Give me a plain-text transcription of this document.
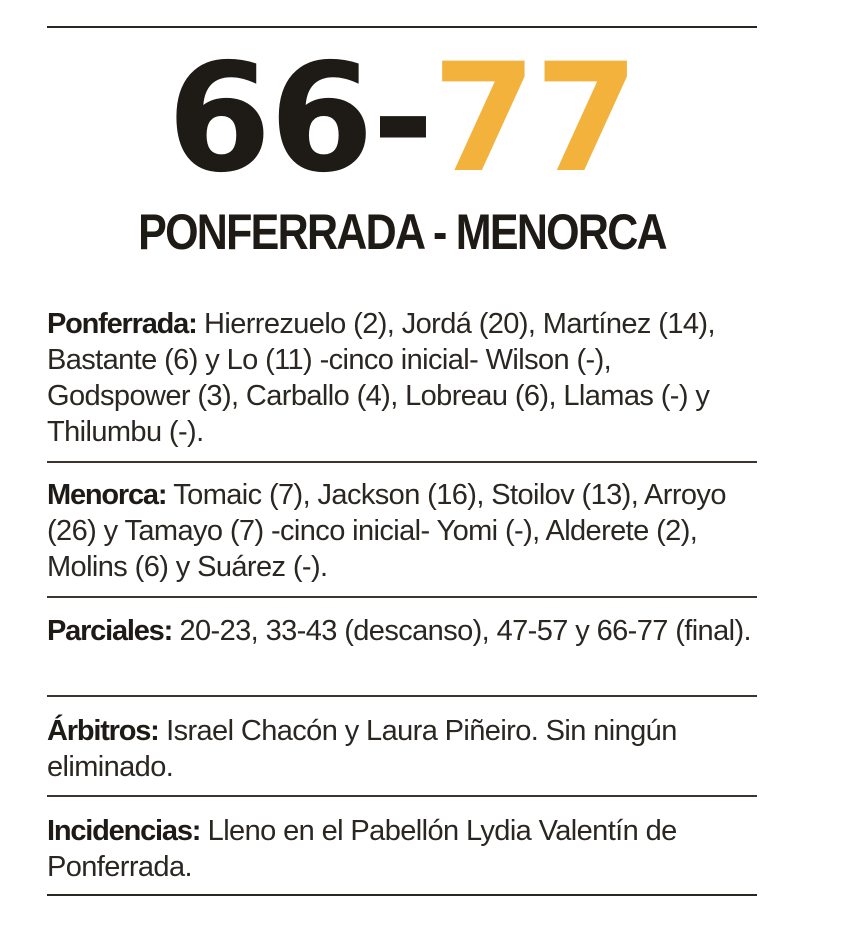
66-77
PONFERRADA - MENORCA

Ponferrada: Hierrezuelo (2), Jordá (20), Martínez (14), Bastante (6) y Lo (11) -cinco inicial- Wilson (-), Godspower (3), Carballo (4), Lobreau (6), Llamas (-) y Thilumbu (-).

Menorca: Tomaic (7), Jackson (16), Stoilov (13), Arroyo (26) y Tamayo (7) -cinco inicial- Yomi (-), Alderete (2), Molins (6) y Suárez (-).

Parciales: 20-23, 33-43 (descanso), 47-57 y 66-77 (final).

Árbitros: Israel Chacón y Laura Piñeiro. Sin ningún eliminado.

Incidencias: Lleno en el Pabellón Lydia Valentín de Ponferrada.
